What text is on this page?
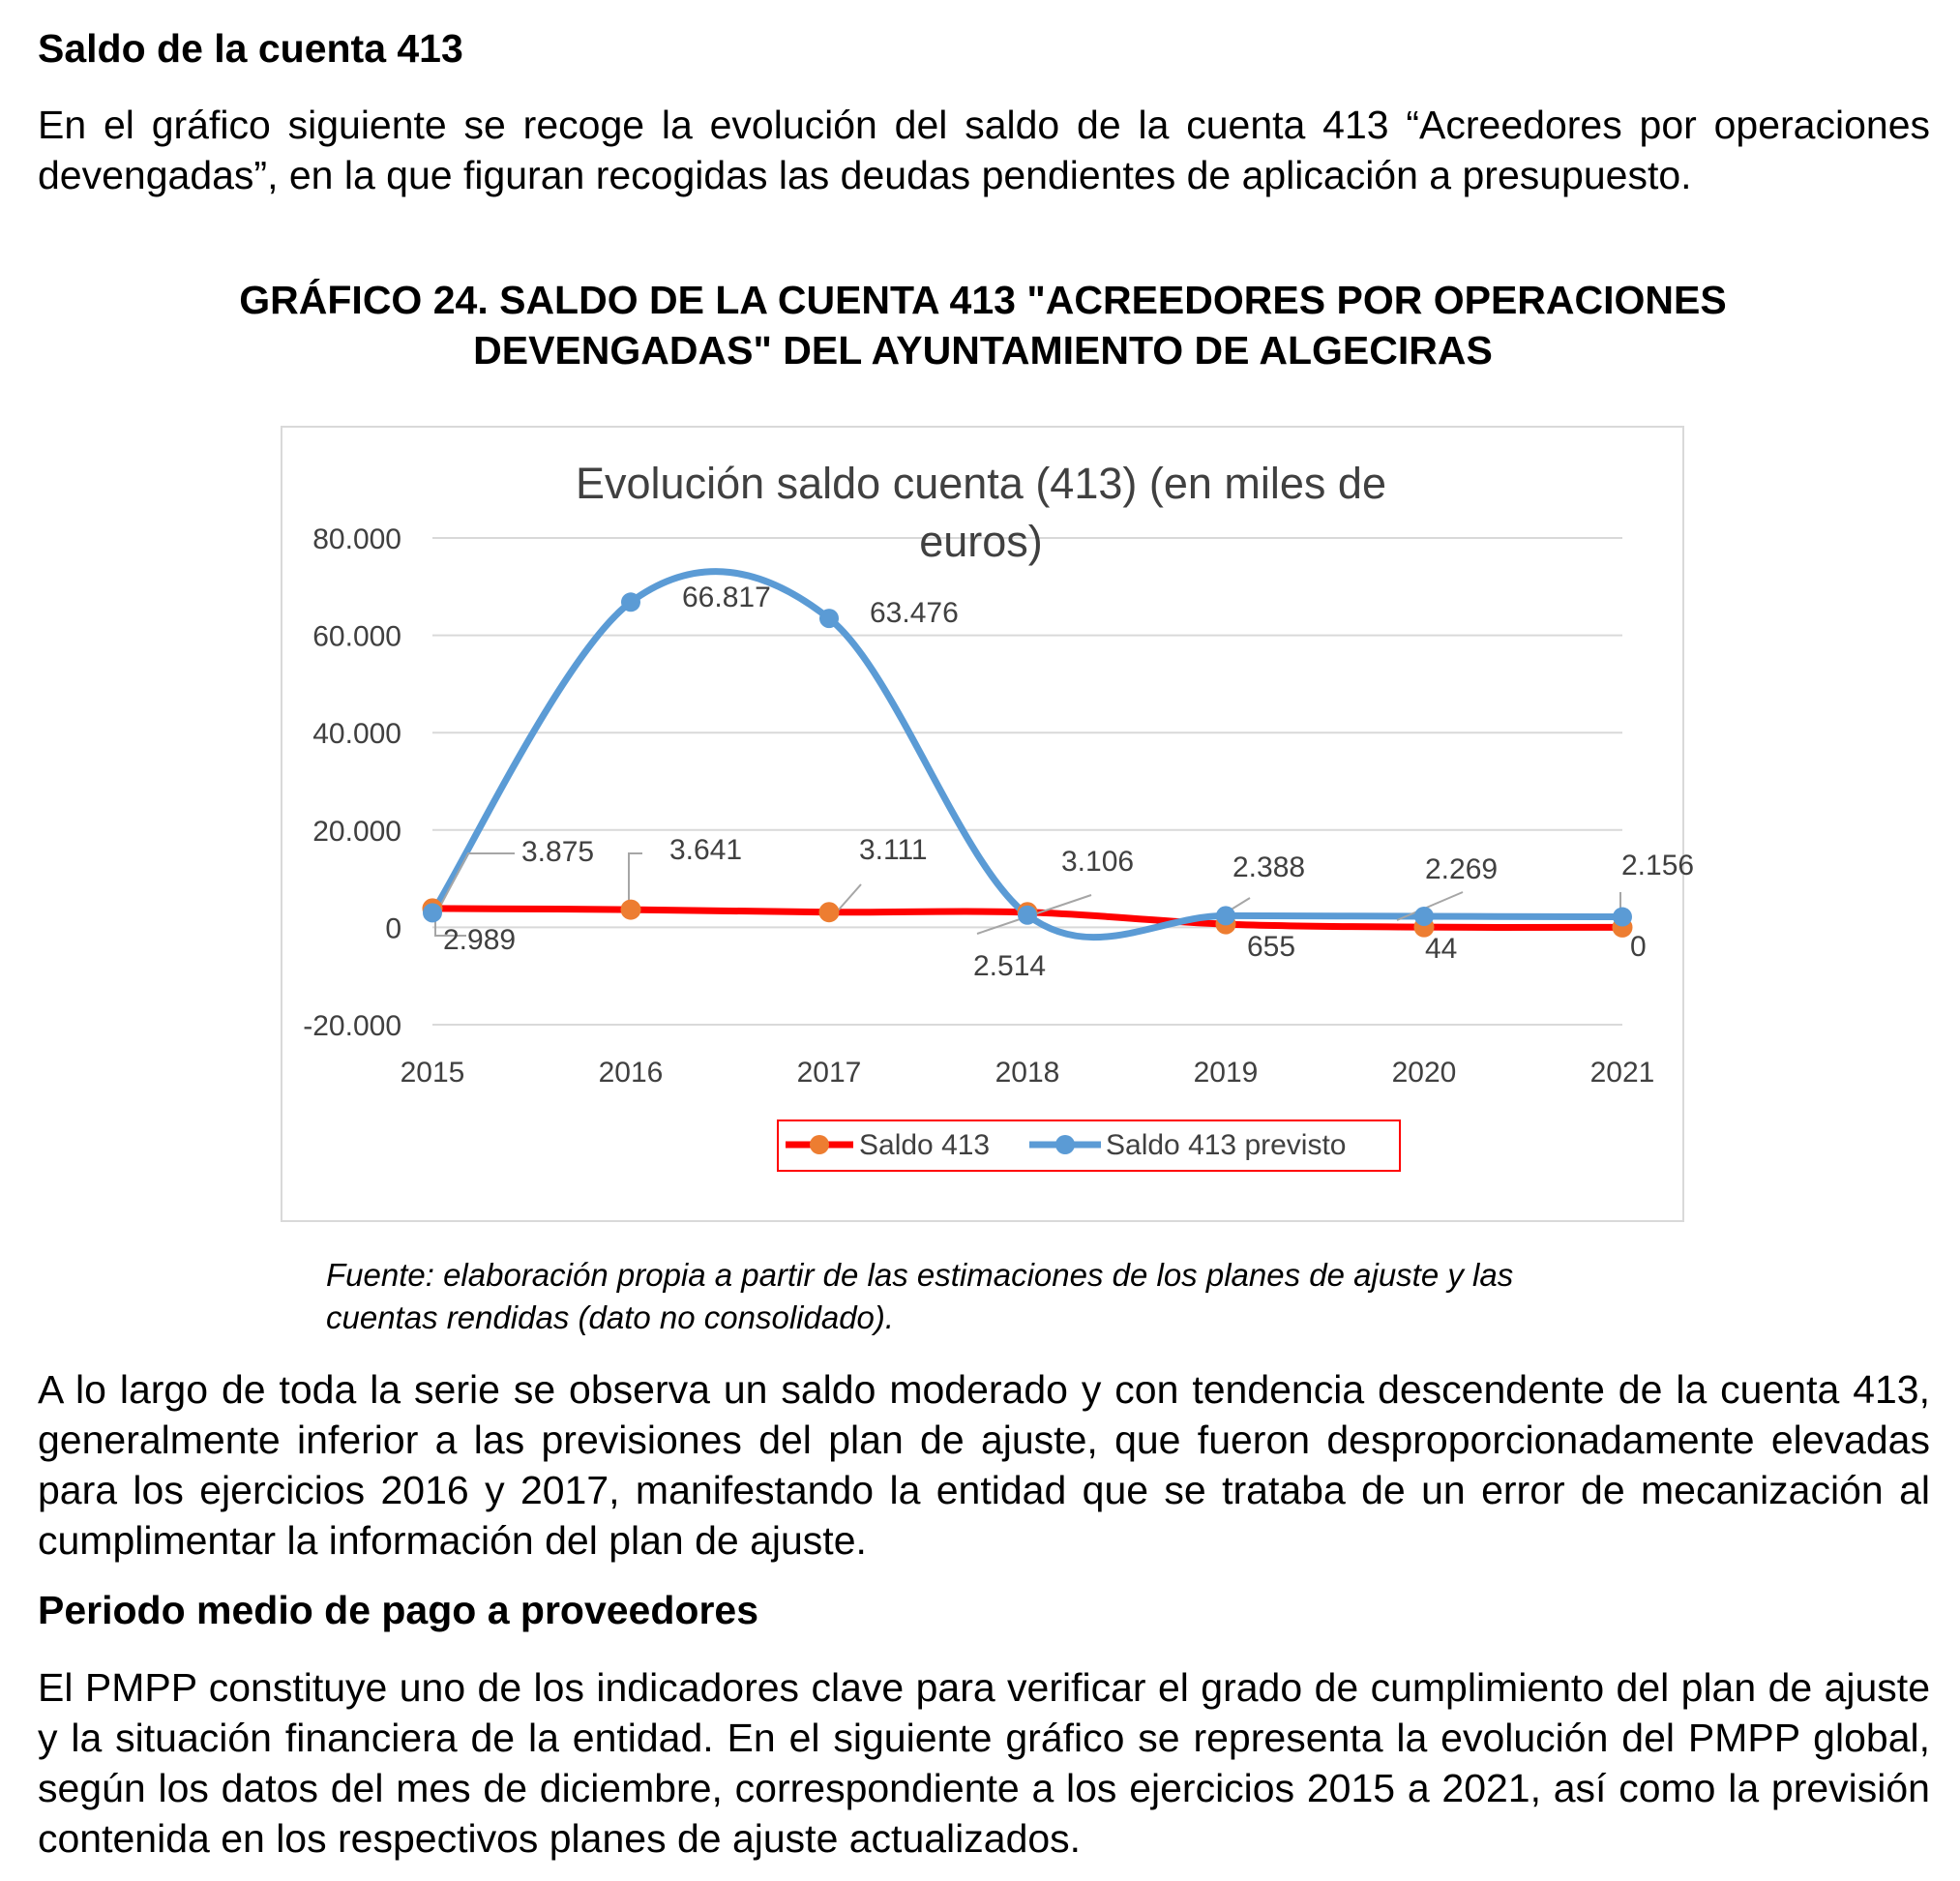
Saldo de la cuenta 413

En el gráfico siguiente se recoge la evolución del saldo de la cuenta 413 “Acreedores por operaciones devengadas”, en la que figuran recogidas las deudas pendientes de aplicación a presupuesto.

GRÁFICO 24. SALDO DE LA CUENTA 413 "ACREEDORES POR OPERACIONES
DEVENGADAS" DEL AYUNTAMIENTO DE ALGECIRAS
-20.000
0
20.000
40.000
60.000
80.000
2015	2016	2017	2018	2019	2020	2021
Evolución saldo cuenta (413) (en miles de
euros)
3.875	3.641	3.111	3.106
655	44	0
2.989
66.817	63.476
2.514
2.388	2.269	2.156
Saldo 413	Saldo 413 previsto
Fuente: elaboración propia a partir de las estimaciones de los planes de ajuste y las
cuentas rendidas (dato no consolidado).

A lo largo de toda la serie se observa un saldo moderado y con tendencia descendente de la cuenta 413, generalmente inferior a las previsiones del plan de ajuste, que fueron desproporcionadamente elevadas para los ejercicios 2016 y 2017, manifestando la entidad que se trataba de un error de mecanización al cumplimentar la información del plan de ajuste.

Periodo medio de pago a proveedores

El PMPP constituye uno de los indicadores clave para verificar el grado de cumplimiento del plan de ajuste y la situación financiera de la entidad. En el siguiente gráfico se representa la evolución del PMPP global, según los datos del mes de diciembre, correspondiente a los ejercicios 2015 a 2021, así como la previsión contenida en los respectivos planes de ajuste actualizados.
